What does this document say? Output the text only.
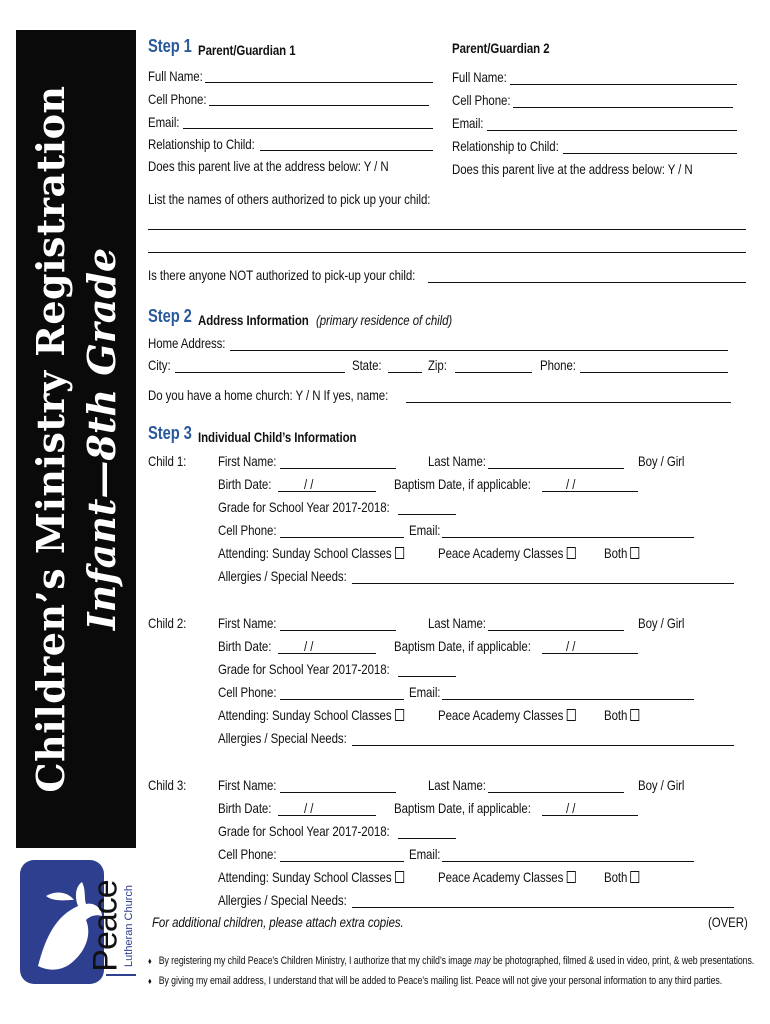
Children’s Ministry Registration Infant—8th Grade
Peace
Lutheran Church
Step 1 Parent/Guardian 1	Parent/Guardian 2
Full Name:
Cell Phone:
Email:
Relationship to Child:
Does this parent live at the address below: Y / N
Full Name:
Cell Phone:
Email:
Relationship to Child:
Does this parent live at the address below: Y / N
List the names of others authorized to pick up your child:
Is there anyone NOT authorized to pick-up your child:
Step 2 Address Information (primary residence of child)
Home Address:
City:	State:	Zip:	Phone:
Do you have a home church: Y / N If yes, name:
Step 3 Individual Child’s Information
Child 1: First Name:	Last Name:	Boy / Girl
Birth Date: / /	Baptism Date, if applicable:	/ /
Grade for School Year 2017-2018:
Cell Phone:	Email:
Attending: Sunday School Classes	Peace Academy Classes	Both
Allergies / Special Needs:
Child 2: First Name:	Last Name:	Boy / Girl
Birth Date: / /	Baptism Date, if applicable:	/ /
Grade for School Year 2017-2018:
Cell Phone:	Email:
Attending: Sunday School Classes	Peace Academy Classes	Both
Allergies / Special Needs:
Child 3: First Name:	Last Name:	Boy / Girl
Birth Date: / /	Baptism Date, if applicable:	/ /
Grade for School Year 2017-2018:
Cell Phone:	Email:
Attending: Sunday School Classes	Peace Academy Classes	Both
Allergies / Special Needs:
For additional children, please attach extra copies.	(OVER)
♦ By registering my child Peace’s Children Ministry, I authorize that my child’s image may be photographed, filmed & used in video, print, & web presentations.
♦ By giving my email address, I understand that will be added to Peace’s mailing list. Peace will not give your personal information to any third parties.
